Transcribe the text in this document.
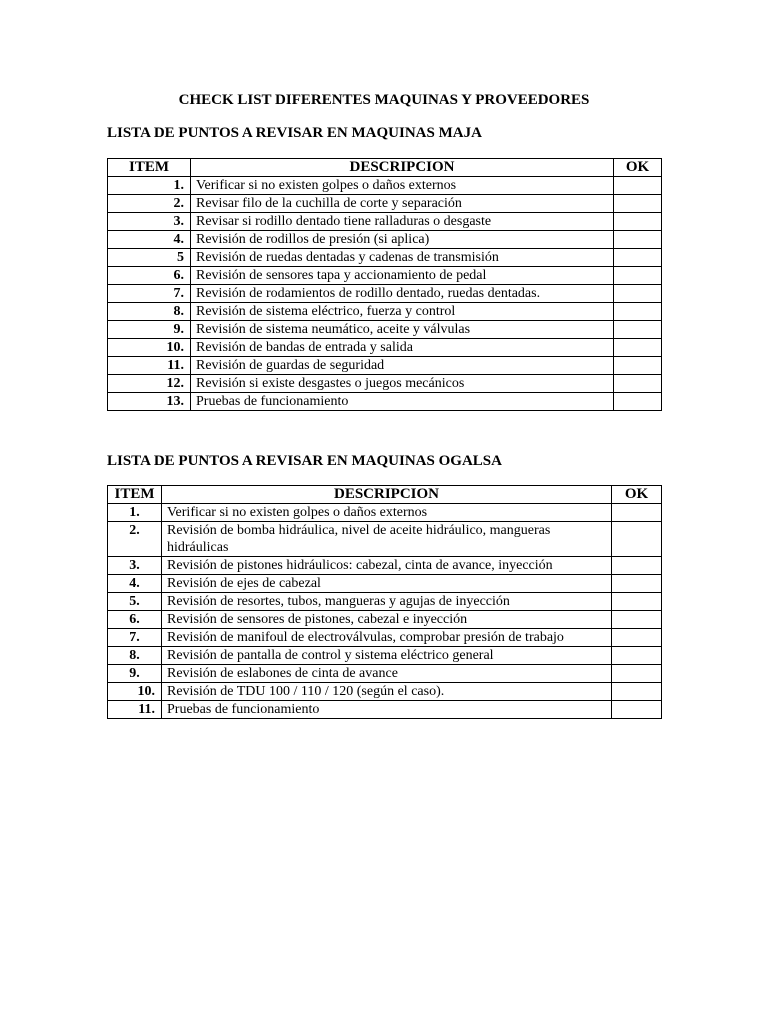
CHECK LIST DIFERENTES MAQUINAS Y PROVEEDORES
LISTA DE PUNTOS A REVISAR EN MAQUINAS MAJA
ITEM	DESCRIPCION	OK
1.	Verificar si no existen golpes o daños externos	
2.	Revisar filo de la cuchilla de corte y separación	
3.	Revisar si rodillo dentado tiene ralladuras o desgaste	
4.	Revisión de rodillos de presión (si aplica)	
5	Revisión de ruedas dentadas y cadenas de transmisión	
6.	Revisión de sensores tapa y accionamiento de pedal	
7.	Revisión de rodamientos de rodillo dentado, ruedas dentadas.	
8.	Revisión de sistema eléctrico, fuerza y control	
9.	Revisión de sistema neumático, aceite y válvulas	
10.	Revisión de bandas de entrada y salida	
11.	Revisión de guardas de seguridad	
12.	Revisión si existe desgastes o juegos mecánicos	
13.	Pruebas de funcionamiento	
LISTA DE PUNTOS A REVISAR EN MAQUINAS OGALSA
ITEM	DESCRIPCION	OK
1.	Verificar si no existen golpes o daños externos	
2.	Revisión de bomba hidráulica, nivel de aceite hidráulico, mangueras hidráulicas	
3.	Revisión de pistones hidráulicos: cabezal, cinta de avance, inyección	
4.	Revisión de ejes de cabezal	
5.	Revisión de resortes, tubos, mangueras y agujas de inyección	
6.	Revisión de sensores de pistones, cabezal e inyección	
7.	Revisión de manifoul de electroválvulas, comprobar presión de trabajo	
8.	Revisión de pantalla de control y sistema eléctrico general	
9.	Revisión de eslabones de cinta de avance	
10.	Revisión de TDU 100 / 110 / 120 (según el caso).	
11.	Pruebas de funcionamiento	
